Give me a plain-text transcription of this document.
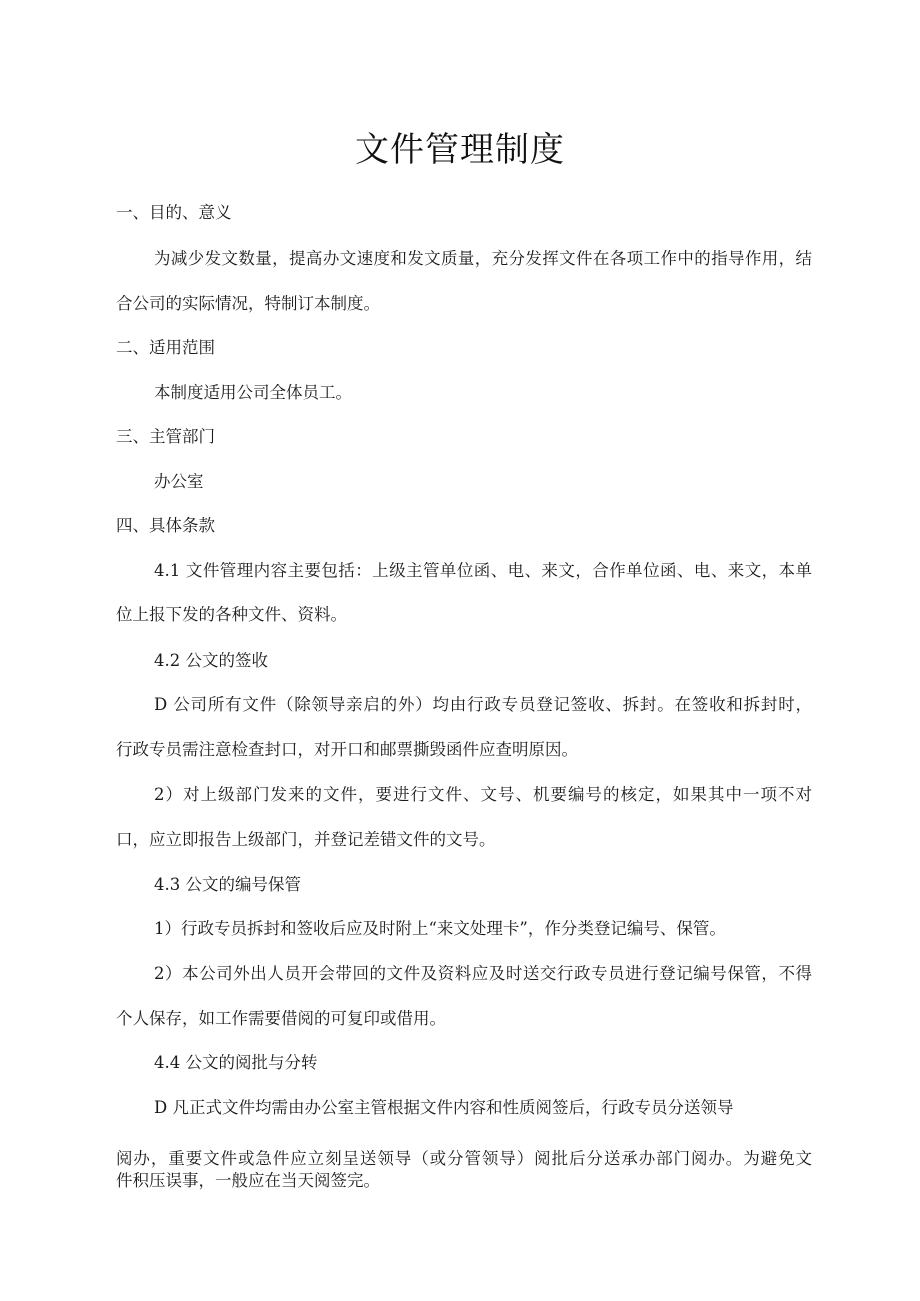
文件管理制度
一、目的、意义
为减少发文数量，提高办文速度和发文质量，充分发挥文件在各项工作中的指导作用，结
合公司的实际情况，特制订本制度。
二、适用范围
本制度适用公司全体员工。
三、主管部门
办公室
四、具体条款
4.1 文件管理内容主要包括：上级主管单位函、电、来文，合作单位函、电、来文，本单
位上报下发的各种文件、资料。
4.2 公文的签收
D 公司所有文件（除领导亲启的外）均由行政专员登记签收、拆封。在签收和拆封时，
行政专员需注意检查封口，对开口和邮票撕毁函件应查明原因。
2）对上级部门发来的文件，要进行文件、文号、机要编号的核定，如果其中一项不对
口，应立即报告上级部门，并登记差错文件的文号。
4.3 公文的编号保管
1）行政专员拆封和签收后应及时附上“来文处理卡”，作分类登记编号、保管。
2）本公司外出人员开会带回的文件及资料应及时送交行政专员进行登记编号保管，不得
个人保存，如工作需要借阅的可复印或借用。
4.4 公文的阅批与分转
D 凡正式文件均需由办公室主管根据文件内容和性质阅签后，行政专员分送领导
阅办，重要文件或急件应立刻呈送领导（或分管领导）阅批后分送承办部门阅办。为避免文
件积压误事，一般应在当天阅签完。
